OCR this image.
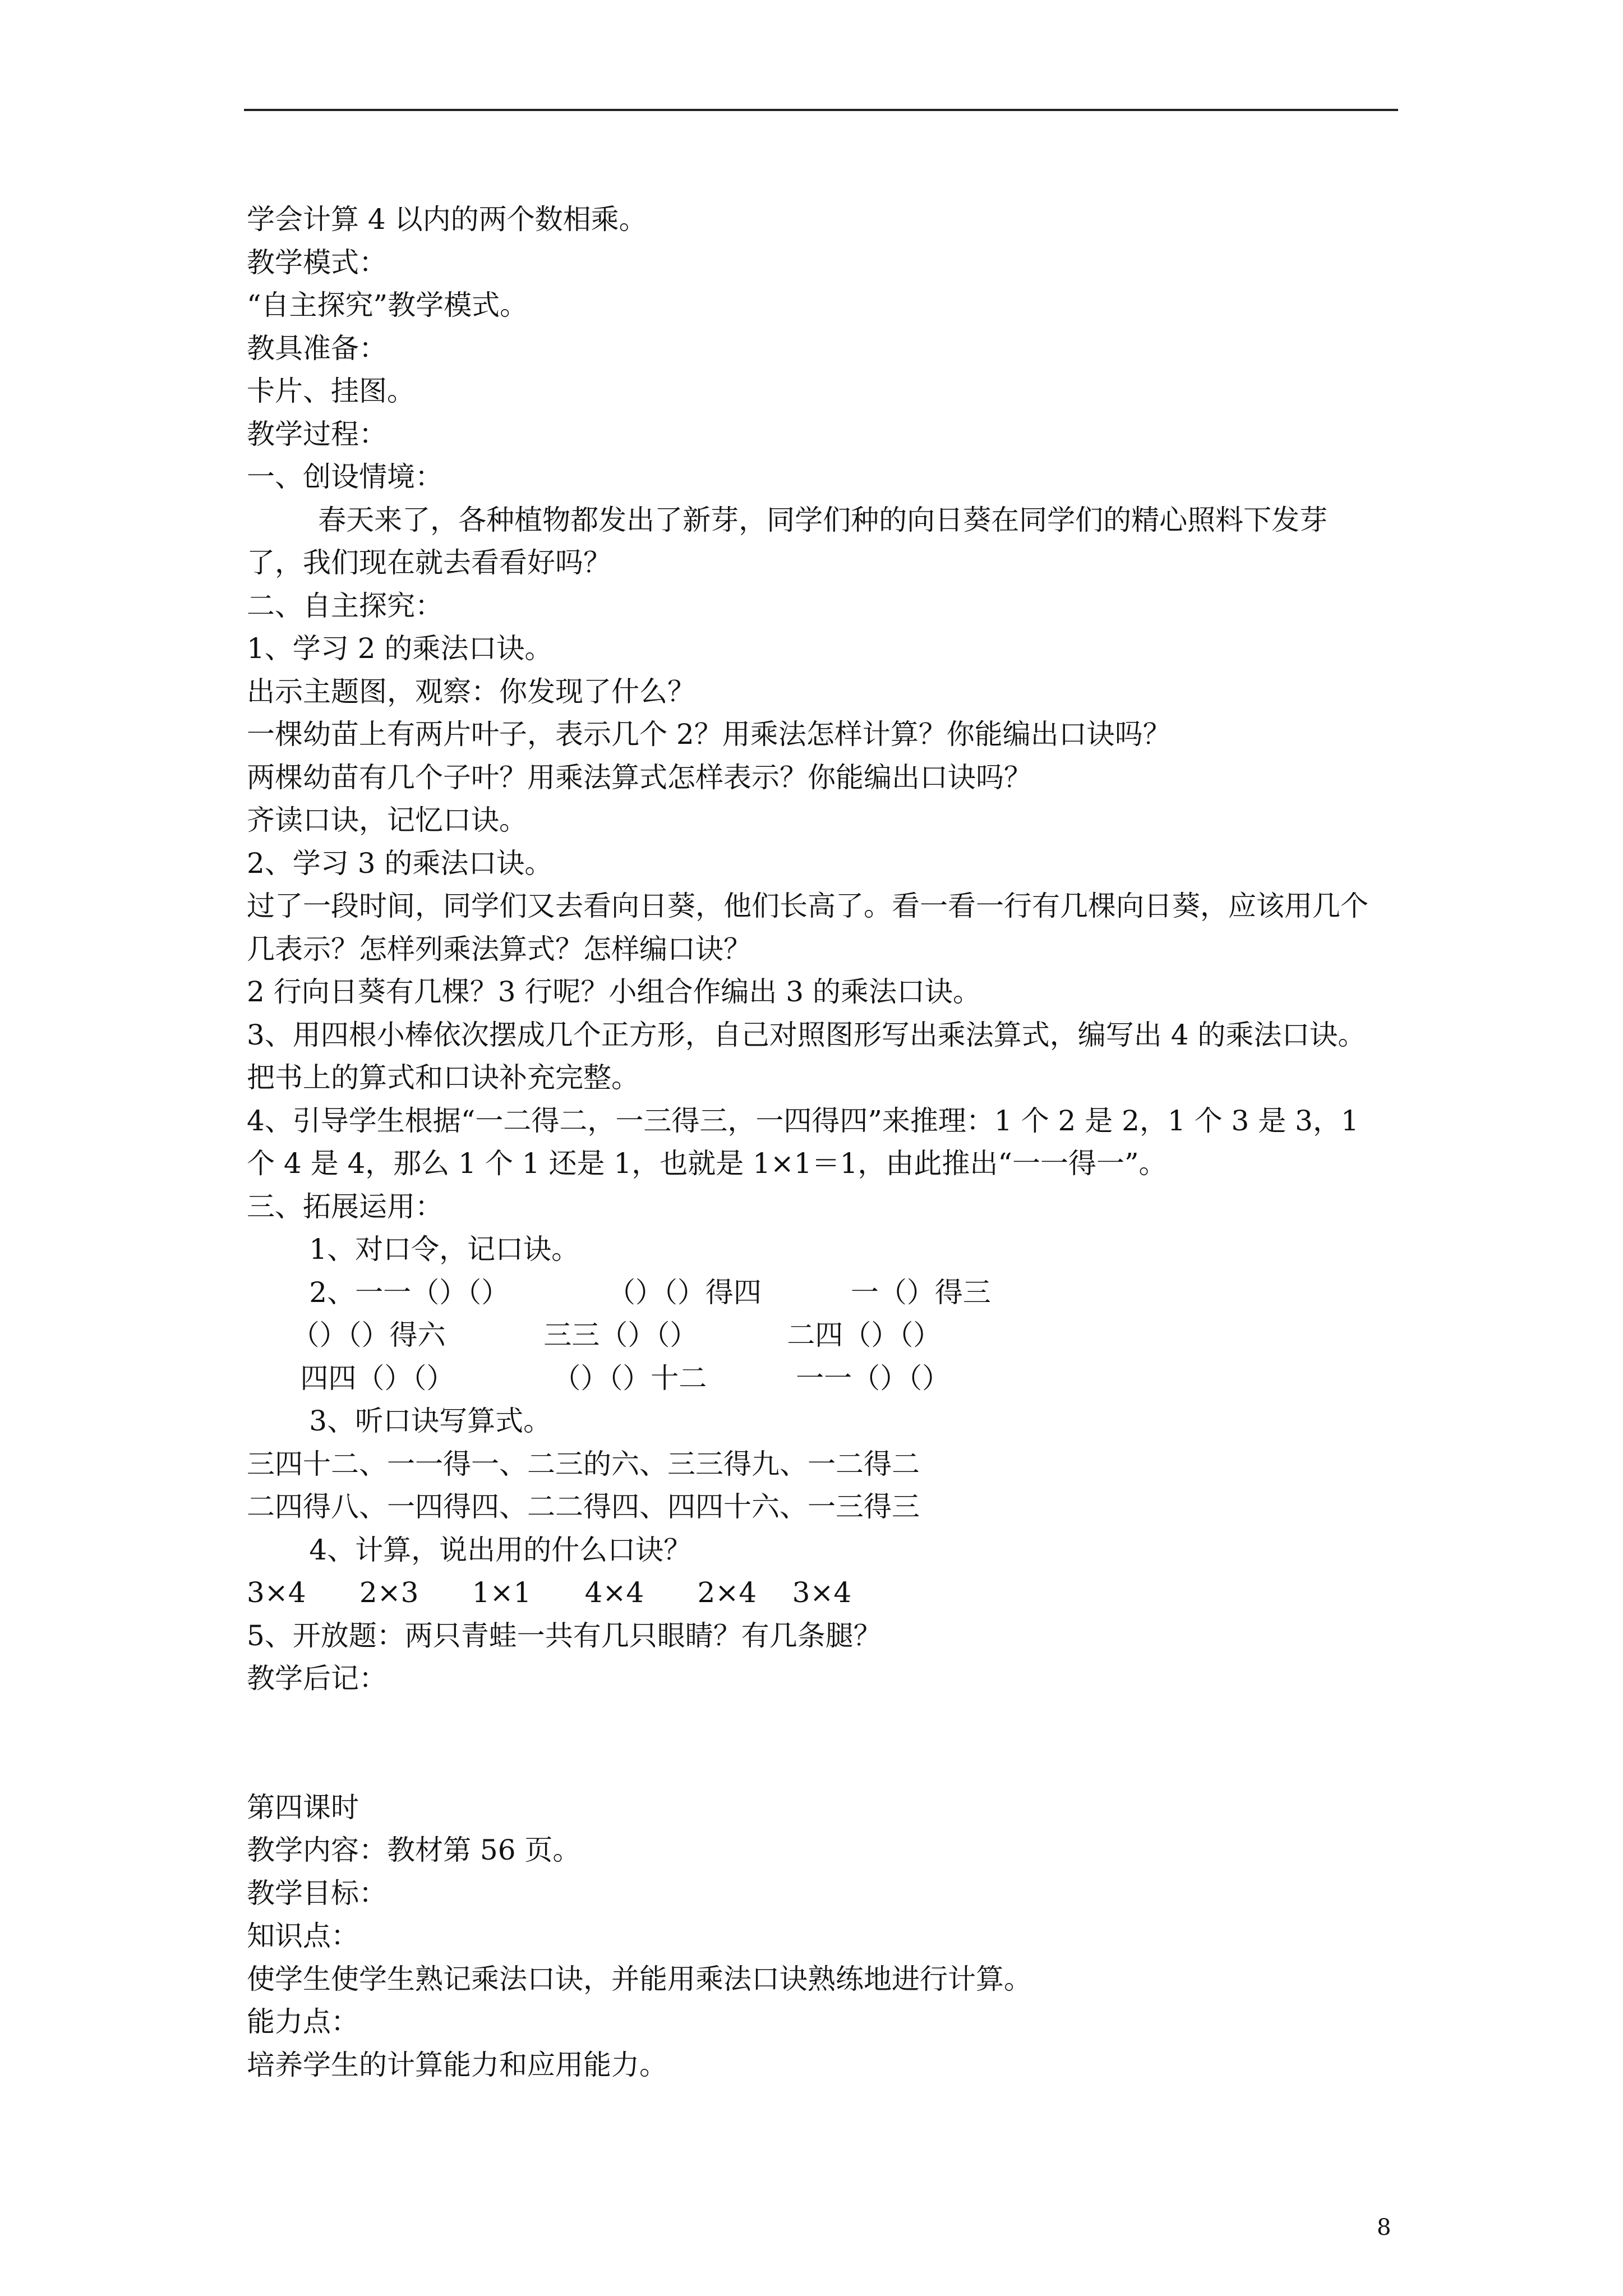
学会计算 4 以内的两个数相乘。

教学模式：

“自主探究”教学模式。

教具准备：

卡片、挂图。

教学过程：

一、创设情境：

春天来了，各种植物都发出了新芽，同学们种的向日葵在同学们的精心照料下发芽

了，我们现在就去看看好吗？

二、自主探究：

1、学习 2 的乘法口诀。

出示主题图，观察：你发现了什么？

一棵幼苗上有两片叶子，表示几个 2？用乘法怎样计算？你能编出口诀吗？

两棵幼苗有几个子叶？用乘法算式怎样表示？你能编出口诀吗？

齐读口诀，记忆口诀。

2、学习 3 的乘法口诀。

过了一段时间，同学们又去看向日葵，他们长高了。看一看一行有几棵向日葵，应该用几个

几表示？怎样列乘法算式？怎样编口诀？

2 行向日葵有几棵？3 行呢？小组合作编出 3 的乘法口诀。

3、用四根小棒依次摆成几个正方形，自己对照图形写出乘法算式，编写出 4 的乘法口诀。

把书上的算式和口诀补充完整。

4、引导学生根据“一二得二，一三得三，一四得四”来推理：1 个 2 是 2，1 个 3 是 3，1

个 4 是 4，那么 1 个 1 还是 1，也就是 1×1＝1，由此推出“一一得一”。

三、拓展运用：

1、对口令，记口诀。

2、一一（）（）           （）（）得四          一（）得三

（）（）得六           三三（）（）          二四（）（）

四四（）（）           （）（）十二          一一（）（）

3、听口诀写算式。

三四十二、一一得一、二三的六、三三得九、一二得二

二四得八、一四得四、二二得四、四四十六、一三得三

4、计算，说出用的什么口诀？

3×4      2×3      1×1      4×4      2×4    3×4

5、开放题：两只青蛙一共有几只眼睛？有几条腿？

教学后记：

第四课时

教学内容：教材第 56 页。

教学目标：

知识点：

使学生使学生熟记乘法口诀，并能用乘法口诀熟练地进行计算。

能力点：

培养学生的计算能力和应用能力。

8
